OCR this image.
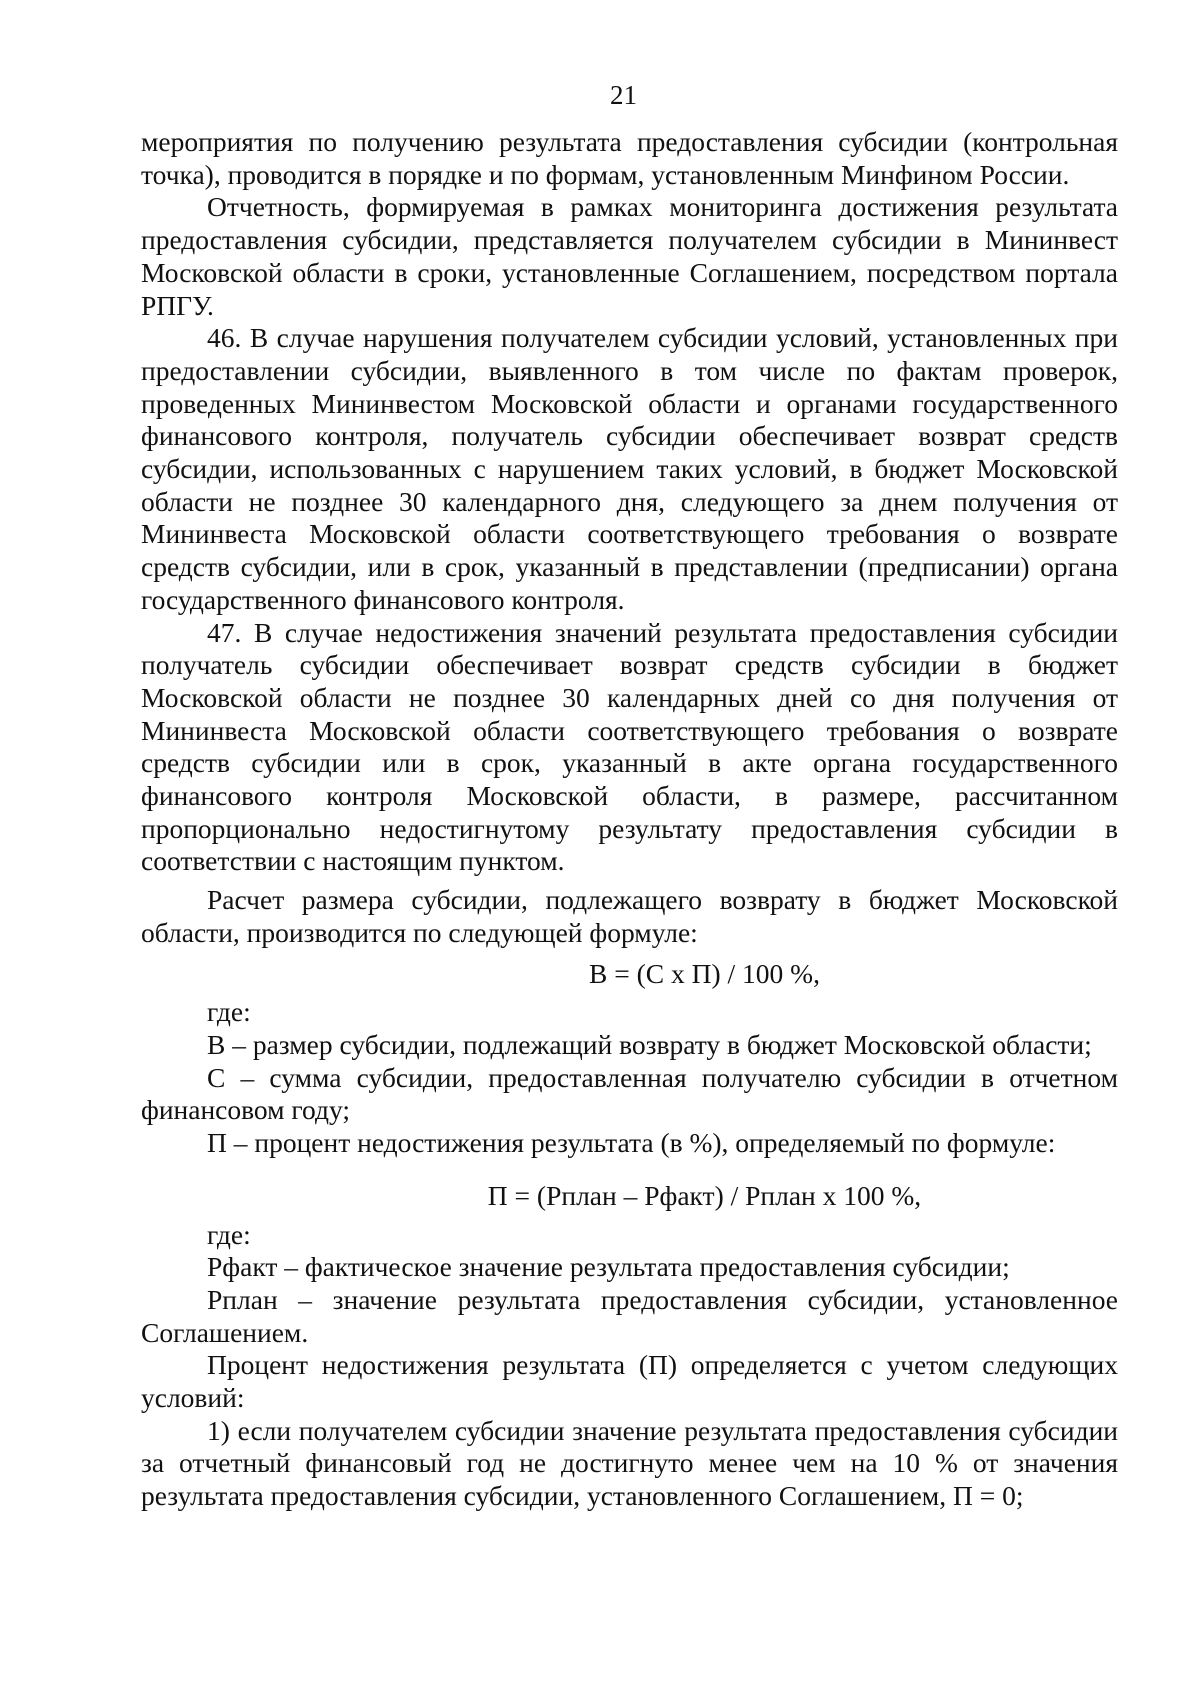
21

мероприятия по получению результата предоставления субсидии (контрольная точка), проводится в порядке и по формам, установленным Минфином России.

Отчетность, формируемая в рамках мониторинга достижения результата предоставления субсидии, представляется получателем субсидии в Мининвест Московской области в сроки, установленные Соглашением, посредством портала РПГУ.

46. В случае нарушения получателем субсидии условий, установленных при предоставлении субсидии, выявленного в том числе по фактам проверок, проведенных Мининвестом Московской области и органами государственного финансового контроля, получатель субсидии обеспечивает возврат средств субсидии, использованных с нарушением таких условий, в бюджет Московской области не позднее 30 календарного дня, следующего за днем получения от Мининвеста Московской области соответствующего требования о возврате средств субсидии, или в срок, указанный в представлении (предписании) органа государственного финансового контроля.

47. В случае недостижения значений результата предоставления субсидии получатель субсидии обеспечивает возврат средств субсидии в бюджет Московской области не позднее 30 календарных дней со дня получения от Мининвеста Московской области соответствующего требования о возврате средств субсидии или в срок, указанный в акте органа государственного финансового контроля Московской области, в размере, рассчитанном пропорционально недостигнутому результату предоставления субсидии в соответствии с настоящим пунктом.

Расчет размера субсидии, подлежащего возврату в бюджет Московской области, производится по следующей формуле:

В = (С х П) / 100 %,

где:

В – размер субсидии, подлежащий возврату в бюджет Московской области;

С – сумма субсидии, предоставленная получателю субсидии в отчетном финансовом году;

П – процент недостижения результата (в %), определяемый по формуле:

П = (Рплан – Рфакт) / Рплан х 100 %,

где:

Рфакт – фактическое значение результата предоставления субсидии;

Рплан – значение результата предоставления субсидии, установленное Соглашением.

Процент недостижения результата (П) определяется с учетом следующих условий:

1) если получателем субсидии значение результата предоставления субсидии за отчетный финансовый год не достигнуто менее чем на 10 % от значения результата предоставления субсидии, установленного Соглашением, П = 0;
